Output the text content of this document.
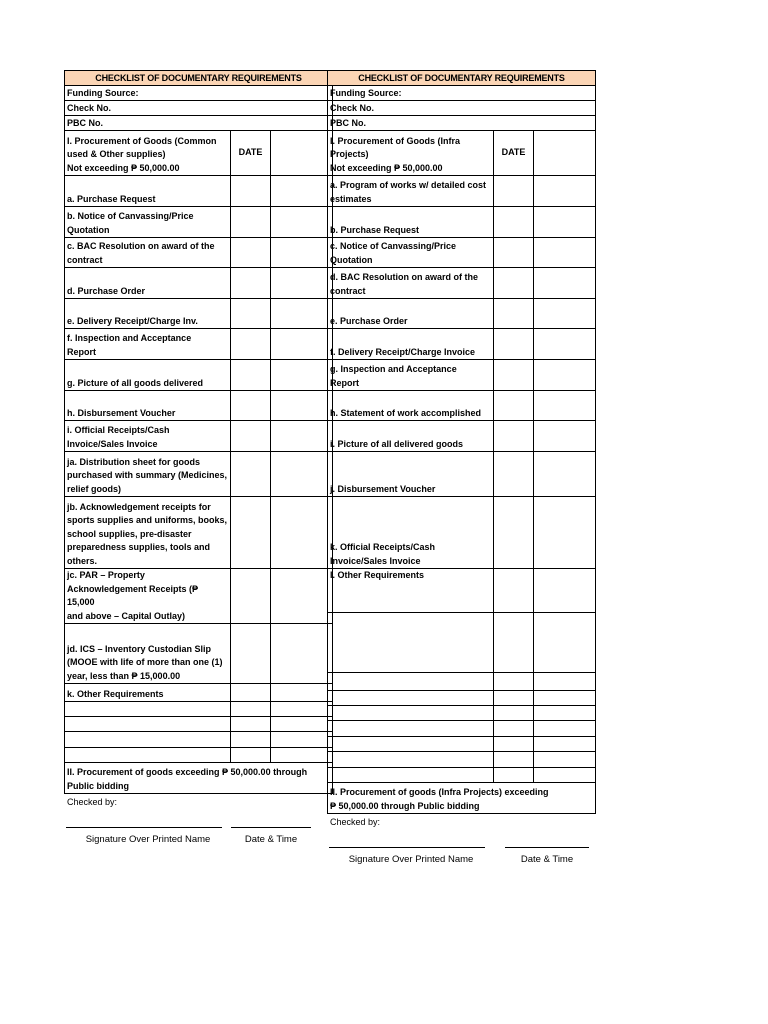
CHECKLIST OF DOCUMENTARY REQUIREMENTS		
Funding Source:		
Check No.		
PBC No.		

I. Procurement of Goods (Common
used & Other supplies)
Not exceeding ₱ 50,000.00	DATE	

a. Purchase Request		

b. Notice of Canvassing/Price
Quotation		

c. BAC Resolution on award of the
contract		

d. Purchase Order		

e. Delivery Receipt/Charge Inv.		

f. Inspection and Acceptance
Report		

g. Picture of all goods delivered		

h. Disbursement Voucher		

i. Official Receipts/Cash
Invoice/Sales Invoice		

ja. Distribution sheet for goods
purchased with summary (Medicines,
relief goods)		

jb. Acknowledgement receipts for
sports supplies and uniforms, books,
school supplies, pre-disaster
preparedness supplies, tools and
others.		

jc. PAR – Property
Acknowledgement Receipts (₱ 15,000
and above – Capital Outlay)		

jd. ICS – Inventory Custodian Slip
(MOOE with life of more than one (1)
year, less than ₱ 15,000.00		

k. Other Requirements		

II. Procurement of goods exceeding ₱ 50,000.00 through
Public bidding		
Checked by:
Signature Over Printed Name	Date & Time
CHECKLIST OF DOCUMENTARY REQUIREMENTS		
Funding Source:		
Check No.		
PBC No.		

I. Procurement of Goods (Infra
Projects)
Not exceeding ₱ 50,000.00	DATE	

a. Program of works w/ detailed cost
estimates		

b. Purchase Request		

c. Notice of Canvassing/Price
Quotation		

d. BAC Resolution on award of the
contract		

e. Purchase Order		

f. Delivery Receipt/Charge Invoice		

g. Inspection and Acceptance
Report		

h. Statement of work accomplished		

i. Picture of all delivered goods		

j. Disbursement Voucher		

k. Official Receipts/Cash
Invoice/Sales Invoice		

l. Other Requirements		

II. Procurement of goods (Infra Projects) exceeding
₱ 50,000.00 through Public bidding		
Checked by:
Signature Over Printed Name	Date & Time
